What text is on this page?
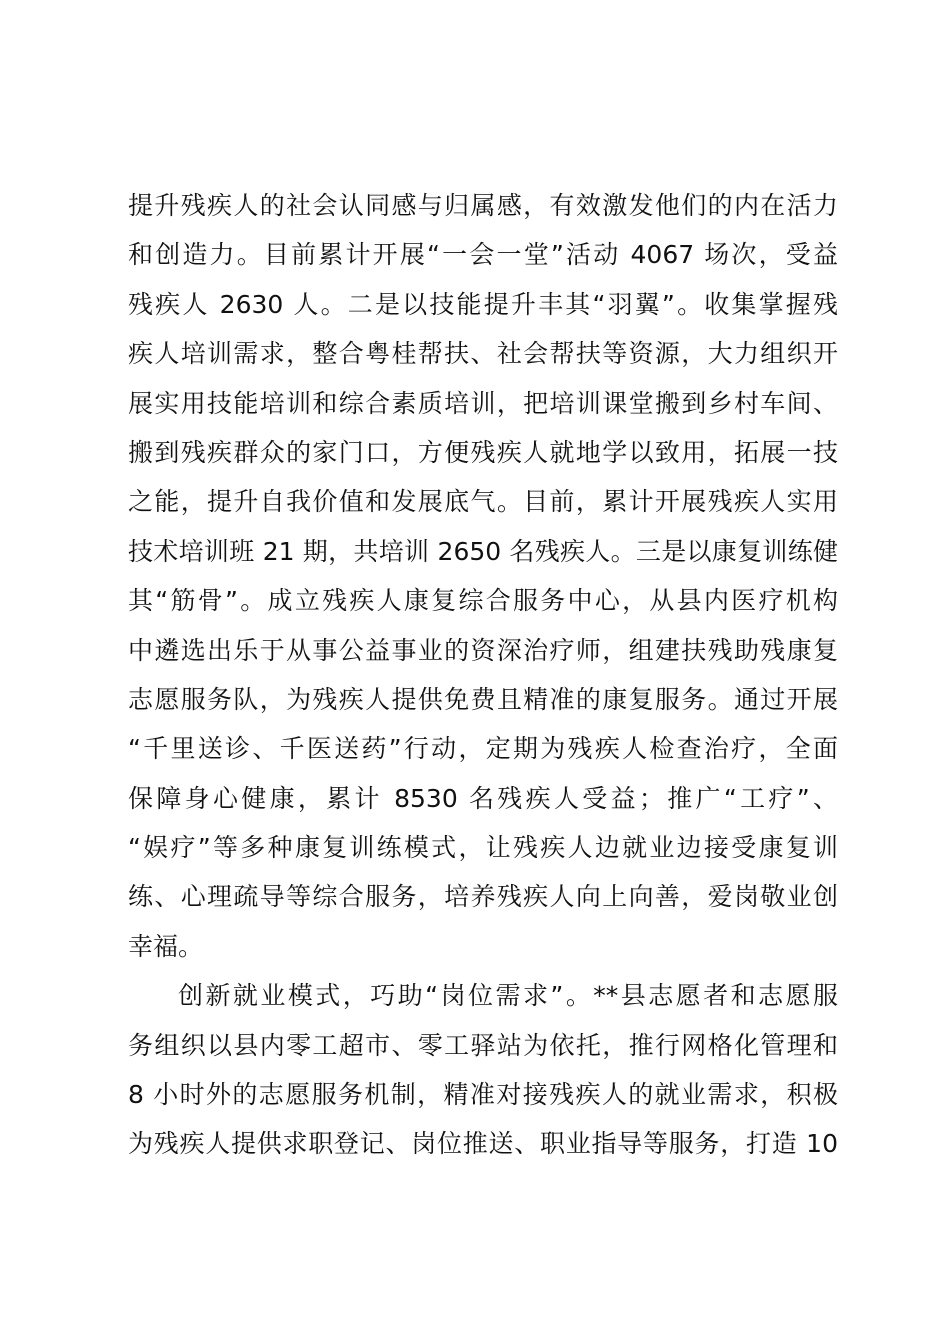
提升残疾人的社会认同感与归属感，有效激发他们的内在活力
和创造力。目前累计开展“一会一堂”活动 4067 场次，受益
残疾人 2630 人。二是以技能提升丰其“羽翼”。收集掌握残
疾人培训需求，整合粤桂帮扶、社会帮扶等资源，大力组织开
展实用技能培训和综合素质培训，把培训课堂搬到乡村车间、
搬到残疾群众的家门口，方便残疾人就地学以致用，拓展一技
之能，提升自我价值和发展底气。目前，累计开展残疾人实用
技术培训班 21 期，共培训 2650 名残疾人。三是以康复训练健
其“筋骨”。成立残疾人康复综合服务中心，从县内医疗机构
中遴选出乐于从事公益事业的资深治疗师，组建扶残助残康复
志愿服务队，为残疾人提供免费且精准的康复服务。通过开展
“千里送诊、千医送药”行动，定期为残疾人检查治疗，全面
保障身心健康，累计 8530 名残疾人受益；推广“工疗”、
“娱疗”等多种康复训练模式，让残疾人边就业边接受康复训
练、心理疏导等综合服务，培养残疾人向上向善，爱岗敬业创
幸福。
创新就业模式，巧助“岗位需求”。**县志愿者和志愿服
务组织以县内零工超市、零工驿站为依托，推行网格化管理和
8 小时外的志愿服务机制，精准对接残疾人的就业需求，积极
为残疾人提供求职登记、岗位推送、职业指导等服务，打造 10
